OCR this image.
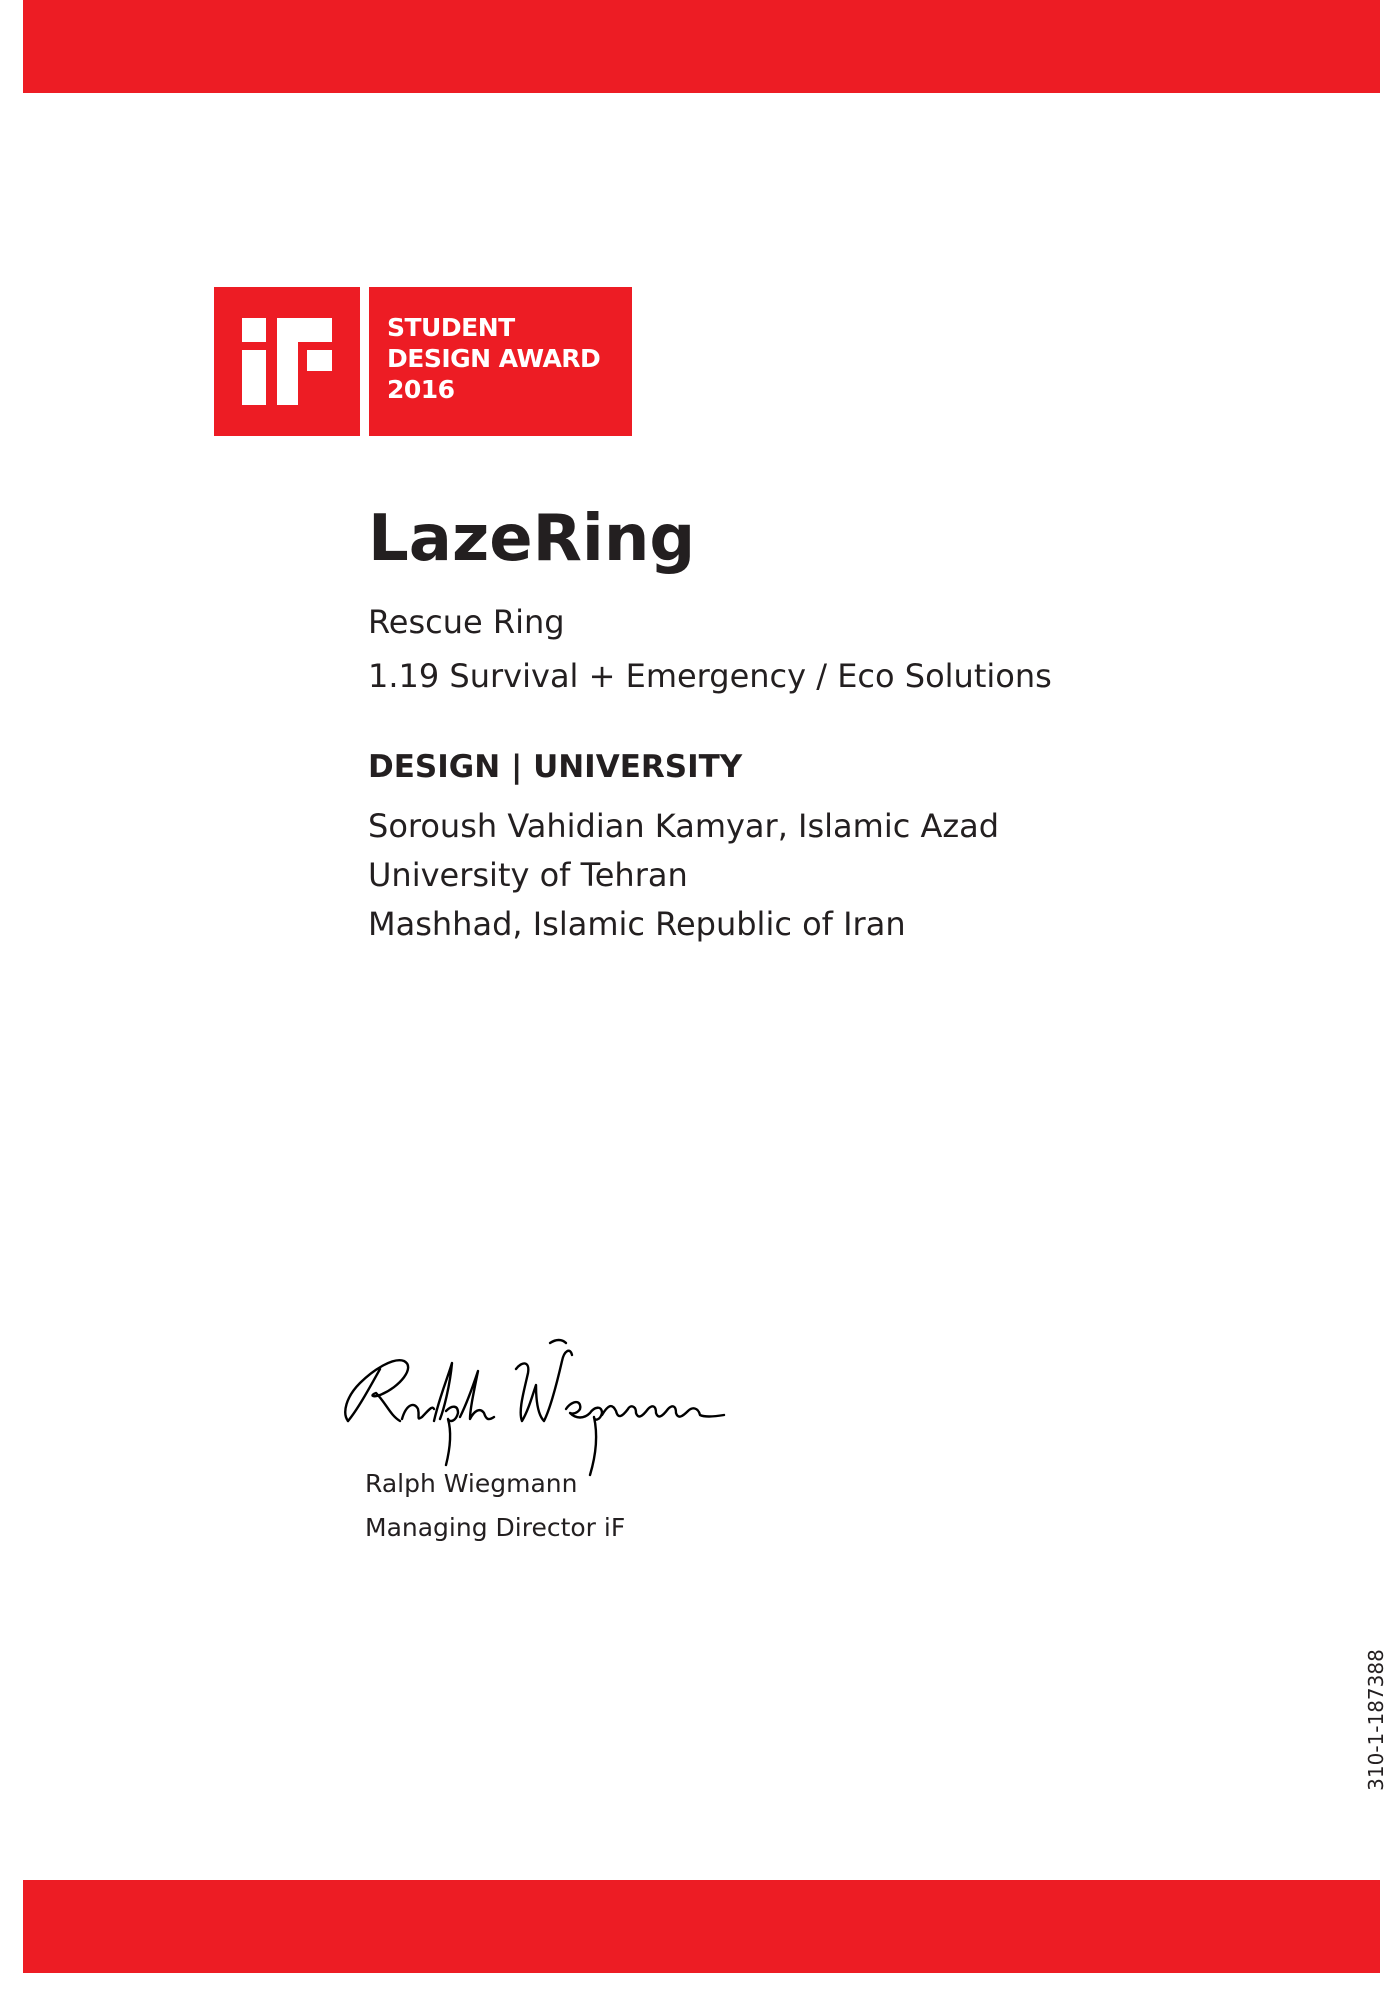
STUDENT
DESIGN AWARD
2016
LazeRing
Rescue Ring
1.19 Survival + Emergency / Eco Solutions
DESIGN | UNIVERSITY
Soroush Vahidian Kamyar, Islamic Azad
University of Tehran
Mashhad, Islamic Republic of Iran
Ralph Wiegmann
Managing Director iF
310-1-187388
